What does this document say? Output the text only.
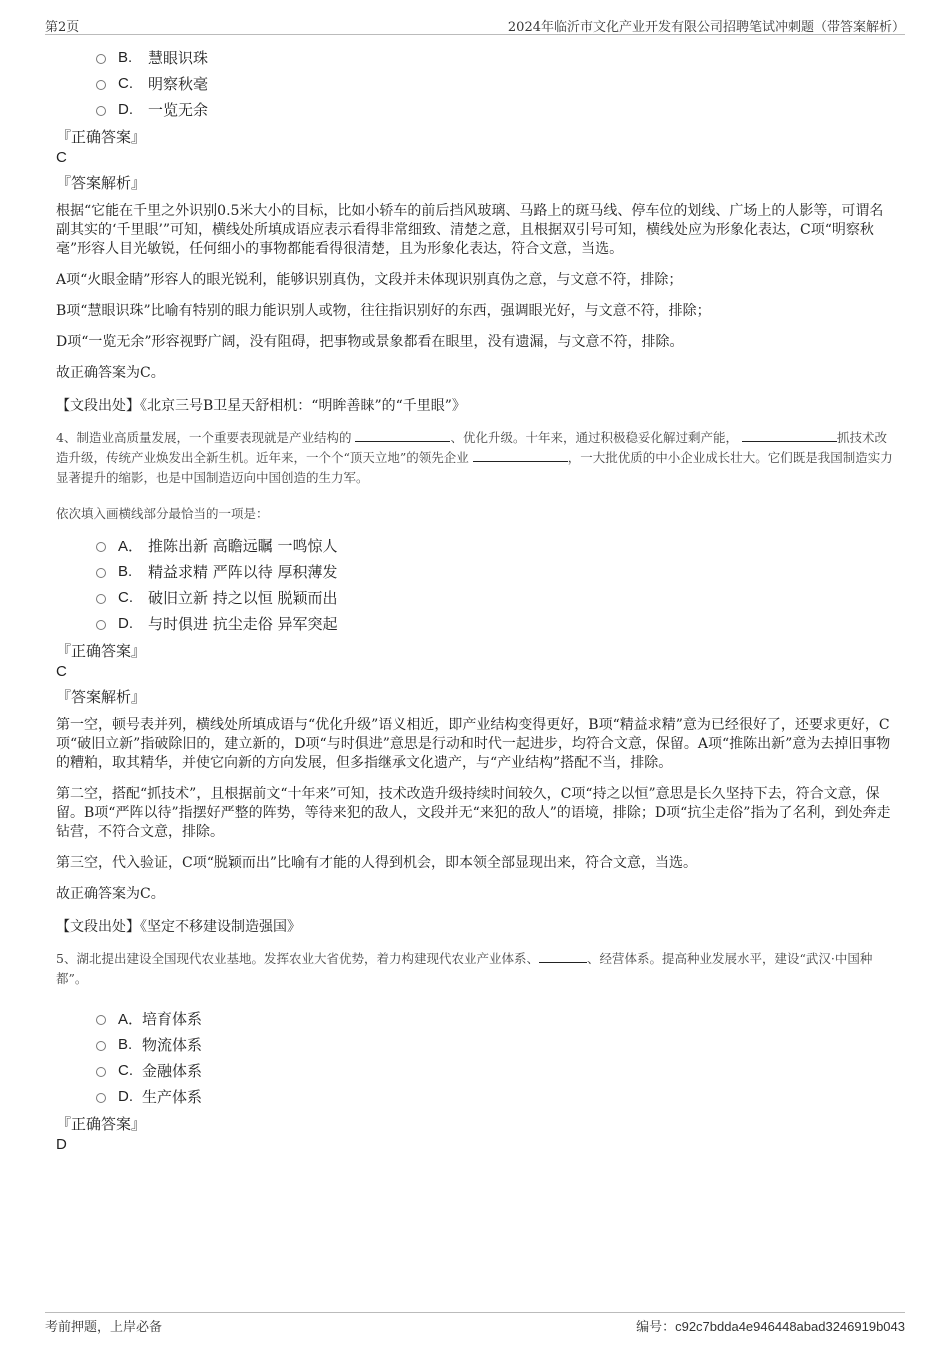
第2页	2024年临沂市文化产业开发有限公司招聘笔试冲刺题（带答案解析）
B.	慧眼识珠
C.	明察秋毫
D.	一览无余
『正确答案』
C
『答案解析』
根据“它能在千里之外识别0.5米大小的目标，比如小轿车的前后挡风玻璃、马路上的斑马线、停车位的划线、广场上的人影等，可谓名副其实的‘千里眼’”可知，横线处所填成语应表示看得非常细致、清楚之意，且根据双引号可知，横线处应为形象化表达，C项“明察秋毫”形容人目光敏锐，任何细小的事物都能看得很清楚，且为形象化表达，符合文意，当选。
A项“火眼金睛”形容人的眼光锐利，能够识别真伪，文段并未体现识别真伪之意，与文意不符，排除；
B项“慧眼识珠”比喻有特别的眼力能识别人或物，往往指识别好的东西，强调眼光好，与文意不符，排除；
D项“一览无余”形容视野广阔，没有阻碍，把事物或景象都看在眼里，没有遗漏，与文意不符，排除。
故正确答案为C。
【文段出处】《北京三号B卫星天舒相机：“明眸善睐”的“千里眼”》
4、制造业高质量发展，一个重要表现就是产业结构的	、优化升级。十年来，通过积极稳妥化解过剩产能，	抓技术改造升级，传统产业焕发出全新生机。近年来，一个个“顶天立地”的领先企业	，一大批优质的中小企业成长壮大。它们既是我国制造实力显著提升的缩影，也是中国制造迈向中国创造的生力军。
依次填入画横线部分最恰当的一项是：
A． 推陈出新 高瞻远瞩 一鸣惊人
B.	精益求精 严阵以待 厚积薄发
C.	破旧立新 持之以恒 脱颖而出
D.	与时俱进 抗尘走俗 异军突起
『正确答案』
C
『答案解析』
第一空，顿号表并列，横线处所填成语与“优化升级”语义相近，即产业结构变得更好，B项“精益求精”意为已经很好了，还要求更好，C项“破旧立新”指破除旧的，建立新的，D项“与时俱进”意思是行动和时代一起进步，均符合文意，保留。A项“推陈出新”意为去掉旧事物的糟粕，取其精华，并使它向新的方向发展，但多指继承文化遗产，与“产业结构”搭配不当，排除。
第二空，搭配“抓技术”，且根据前文“十年来”可知，技术改造升级持续时间较久，C项“持之以恒”意思是长久坚持下去，符合文意，保留。B项“严阵以待”指摆好严整的阵势，等待来犯的敌人，文段并无“来犯的敌人”的语境，排除；D项“抗尘走俗”指为了名利，到处奔走钻营，不符合文意，排除。
第三空，代入验证，C项“脱颖而出”比喻有才能的人得到机会，即本领全部显现出来，符合文意，当选。
故正确答案为C。
【文段出处】《坚定不移建设制造强国》
5、湖北提出建设全国现代农业基地。发挥农业大省优势，着力构建现代农业产业体系、	、经营体系。提高种业发展水平，建设“武汉·中国种都”。
A．
培育体系
B. 物流体系
C. 金融体系
D. 生产体系
『正确答案』
D
考前押题，上岸必备	编号：c92c7bdda4e946448abad3246919b043
